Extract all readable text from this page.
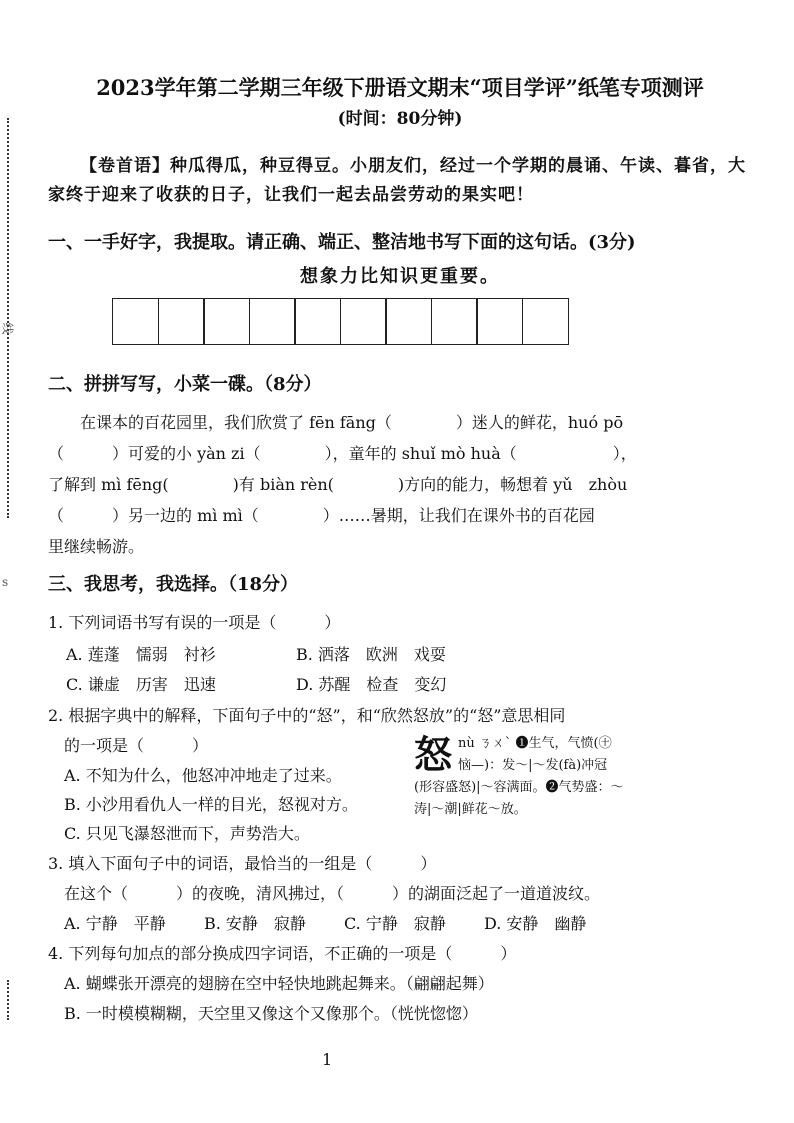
线
s
2023学年第二学期三年级下册语文期末“项目学评”纸笔专项测评
(时间：80分钟)
【卷首语】种瓜得瓜，种豆得豆。小朋友们，经过一个学期的晨诵、午读、暮省，大家终于迎来了收获的日子，让我们一起去品尝劳动的果实吧！
一、一手好字，我提取。请正确、端正、整洁地书写下面的这句话。(3分)
想象力比知识更重要。
二、拼拼写写，小菜一碟。（8分）
　　在课本的百花园里，我们欣赏了 fēn fāng（　　　　）迷人的鲜花，huó pō
（　　　）可爱的小 yàn zi（　　　　），童年的 shuǐ mò huà（　　　　　　），
了解到 mì fēng(　　　　)有 biàn rèn(　　　　)方向的能力，畅想着 yǔ　zhòu
（　　　）另一边的 mì mì（　　　　）……暑期，让我们在课外书的百花园
里继续畅游。
三、我思考，我选择。（18分）
1. 下列词语书写有误的一项是（　　　）
A. 莲蓬　懦弱　衬衫	B. 洒落　欧洲　戏耍
C. 谦虚　历害　迅速	D. 苏醒　检查　变幻
2. 根据字典中的解释，下面句子中的“怒”，和“欣然怒放”的“怒”意思相同
的一项是（　　　）
A. 不知为什么，他怒冲冲地走了过来。
B. 小沙用看仇人一样的目光，怒视对方。
C. 只见飞瀑怒泄而下，声势浩大。
怒 nù ㄋㄨˋ ❶生气，气愤(㊉恼—)：发～|～发(fà)冲冠(形容盛怒)|～容满面。❷气势盛：～涛|～潮|鲜花～放。
3. 填入下面句子中的词语，最恰当的一组是（　　　）
在这个（　　　）的夜晚，清风拂过，（　　　）的湖面泛起了一道道波纹。
A. 宁静　平静 B. 安静　寂静 C. 宁静　寂静 D. 安静　幽静
4. 下列每句加点的部分换成四字词语，不正确的一项是（　　　）
A. 蝴蝶张开漂亮的翅膀在空中轻快地跳起舞来。（翩翩起舞）
B. 一时模模糊糊，天空里又像这个又像那个。（恍恍惚惚）
1
